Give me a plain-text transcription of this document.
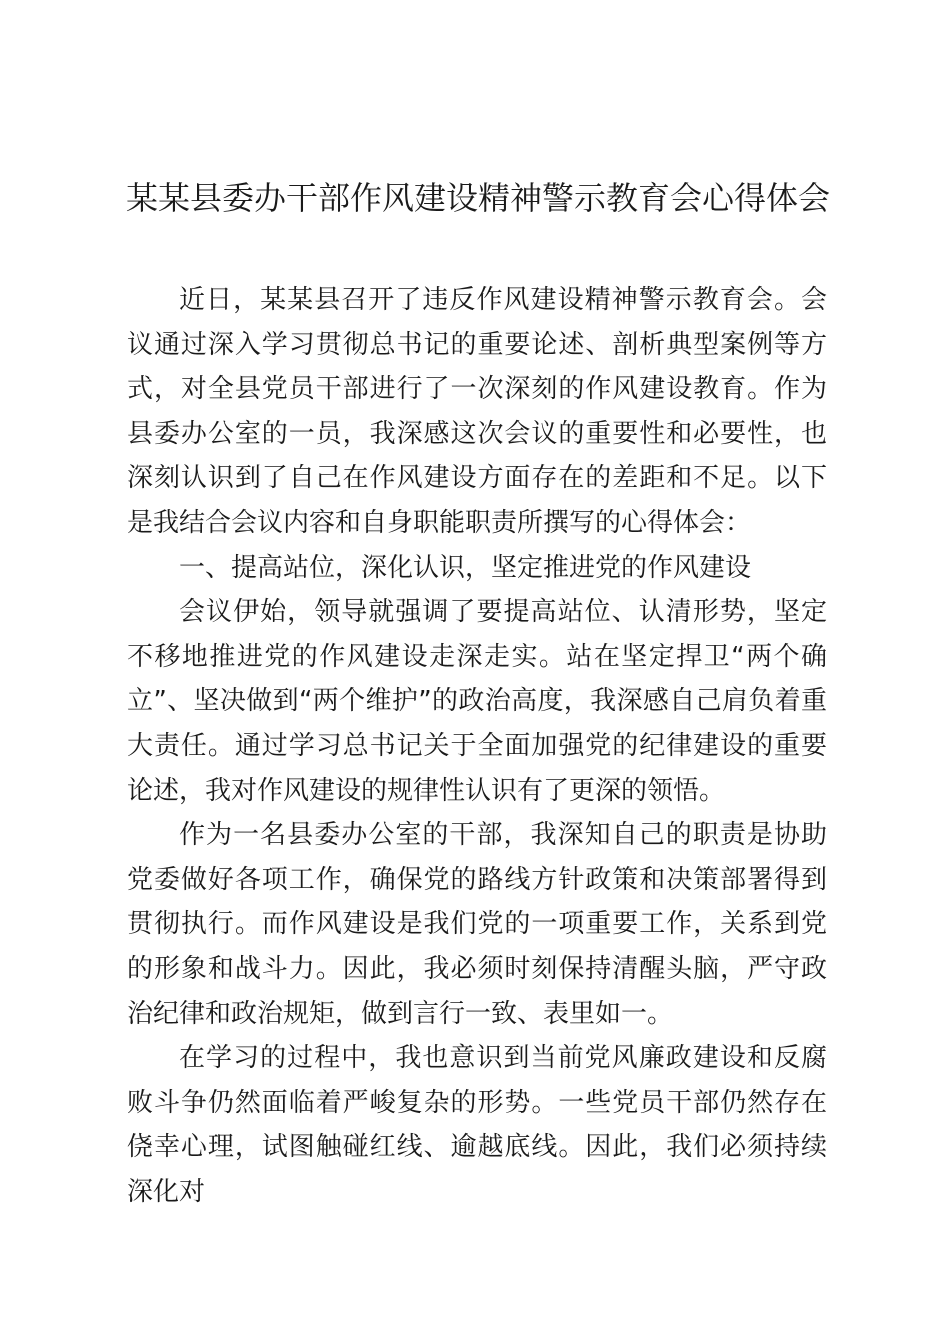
某某县委办干部作风建设精神警示教育会心得体会

近日，某某县召开了违反作风建设精神警示教育会。会议通过深入学习贯彻总书记的重要论述、剖析典型案例等方式，对全县党员干部进行了一次深刻的作风建设教育。作为县委办公室的一员，我深感这次会议的重要性和必要性，也深刻认识到了自己在作风建设方面存在的差距和不足。以下是我结合会议内容和自身职能职责所撰写的心得体会：

一、提高站位，深化认识，坚定推进党的作风建设

会议伊始，领导就强调了要提高站位、认清形势，坚定不移地推进党的作风建设走深走实。站在坚定捍卫“两个确立”、坚决做到“两个维护”的政治高度，我深感自己肩负着重大责任。通过学习总书记关于全面加强党的纪律建设的重要论述，我对作风建设的规律性认识有了更深的领悟。

作为一名县委办公室的干部，我深知自己的职责是协助党委做好各项工作，确保党的路线方针政策和决策部署得到贯彻执行。而作风建设是我们党的一项重要工作，关系到党的形象和战斗力。因此，我必须时刻保持清醒头脑，严守政治纪律和政治规矩，做到言行一致、表里如一。

在学习的过程中，我也意识到当前党风廉政建设和反腐败斗争仍然面临着严峻复杂的形势。一些党员干部仍然存在侥幸心理，试图触碰红线、逾越底线。因此，我们必须持续深化对
